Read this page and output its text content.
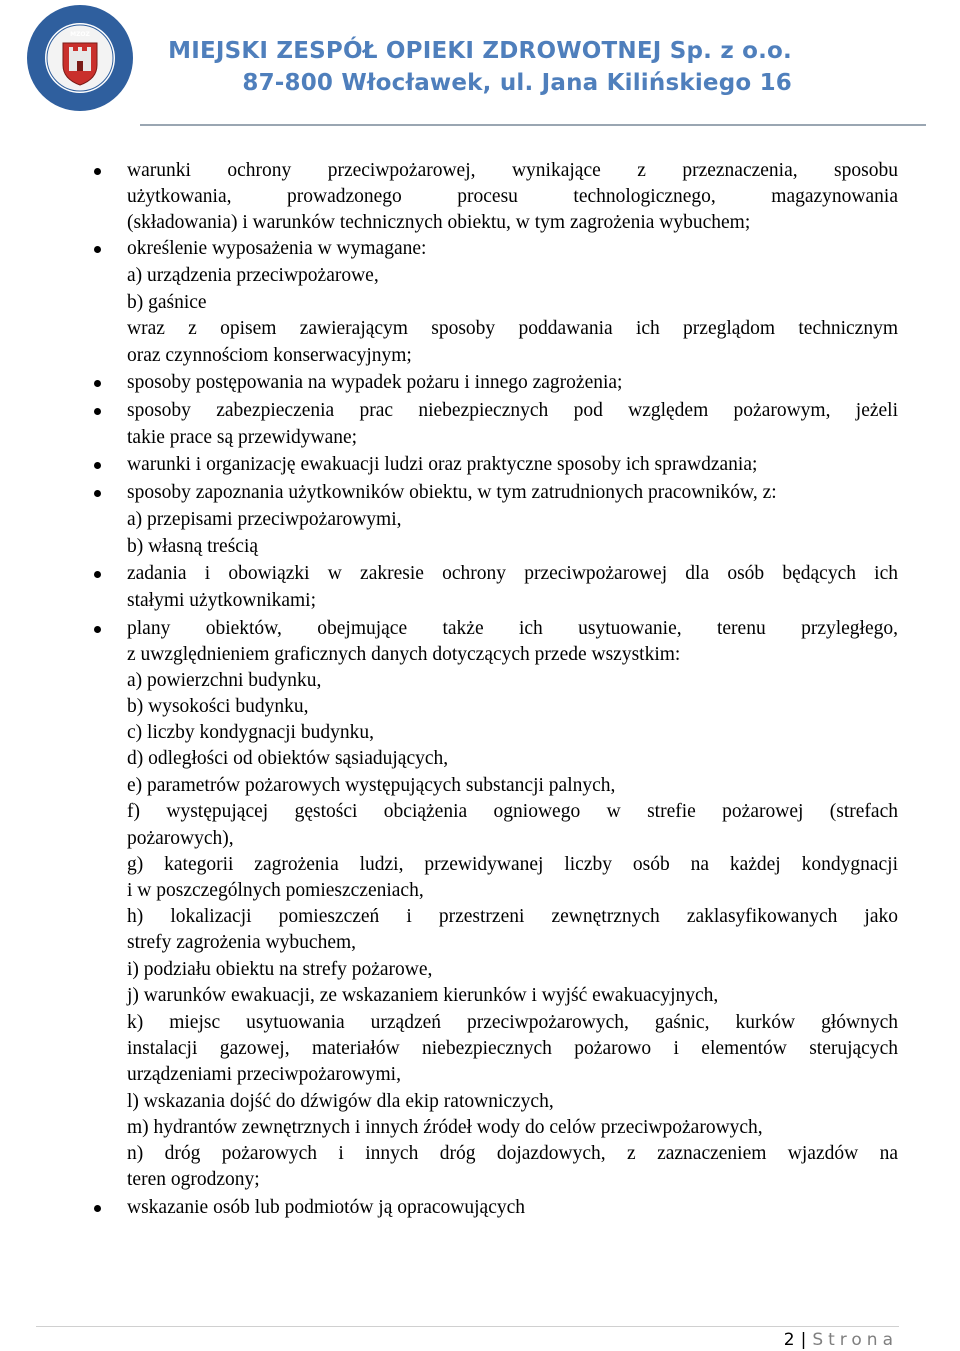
MZOZ
MIEJSKI ZESPÓŁ OPIEKI ZDROWOTNEJ Sp. z o.o.
87-800 Włocławek, ul. Jana Kilińskiego 16
warunki ochrony przeciwpożarowej, wynikające z przeznaczenia, sposobu
użytkowania, prowadzonego procesu technologicznego, magazynowania
(składowania) i warunków technicznych obiektu, w tym zagrożenia wybuchem;
określenie wyposażenia w wymagane:
a) urządzenia przeciwpożarowe,
b) gaśnice
wraz z opisem zawierającym sposoby poddawania ich przeglądom technicznym
oraz czynnościom konserwacyjnym;
sposoby postępowania na wypadek pożaru i innego zagrożenia;
sposoby zabezpieczenia prac niebezpiecznych pod względem pożarowym, jeżeli
takie prace są przewidywane;
warunki i organizację ewakuacji ludzi oraz praktyczne sposoby ich sprawdzania;
sposoby zapoznania użytkowników obiektu, w tym zatrudnionych pracowników, z:
a) przepisami przeciwpożarowymi,
b) własną treścią
zadania i obowiązki w zakresie ochrony przeciwpożarowej dla osób będących ich
stałymi użytkownikami;
plany obiektów, obejmujące także ich usytuowanie, terenu przyległego,
z uwzględnieniem graficznych danych dotyczących przede wszystkim:
a) powierzchni budynku,
b) wysokości budynku,
c) liczby kondygnacji budynku,
d) odległości od obiektów sąsiadujących,
e) parametrów pożarowych występujących substancji palnych,
f) występującej gęstości obciążenia ogniowego w strefie pożarowej (strefach
pożarowych),
g) kategorii zagrożenia ludzi, przewidywanej liczby osób na każdej kondygnacji
i w poszczególnych pomieszczeniach,
h) lokalizacji pomieszczeń i przestrzeni zewnętrznych zaklasyfikowanych jako
strefy zagrożenia wybuchem,
i) podziału obiektu na strefy pożarowe,
j) warunków ewakuacji, ze wskazaniem kierunków i wyjść ewakuacyjnych,
k) miejsc usytuowania urządzeń przeciwpożarowych, gaśnic, kurków głównych
instalacji gazowej, materiałów niebezpiecznych pożarowo i elementów sterujących
urządzeniami przeciwpożarowymi,
l) wskazania dojść do dźwigów dla ekip ratowniczych,
m) hydrantów zewnętrznych i innych źródeł wody do celów przeciwpożarowych,
n) dróg pożarowych i innych dróg dojazdowych, z zaznaczeniem wjazdów na
teren ogrodzony;
wskazanie osób lub podmiotów ją opracowujących
2 | Strona
